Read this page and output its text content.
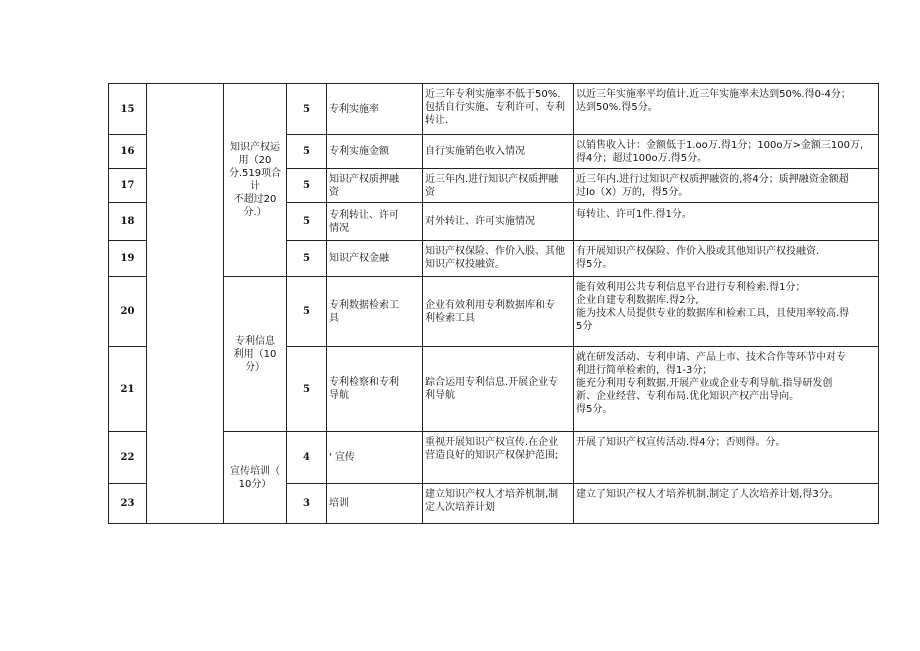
15		知识产权运
用（20
分.519项合计
不超过20
分.）	5	专利实施率	近三年专利实施率不低于50%.
包括自行实施、专利许可、专利
转让.	以近三年实施率平均值计.近三年实施率未达到50%.得0-4分；
达到50%.得5分。
16			5	专利实施金额	自行实施销色收入情况	以销售收入计：金额低于1.oo万.得1分；100o万>金额三100万,
得4分；超过100o万.得5分。
17			5	知识产权质押融
资	近三年内.进行知识产权质押融
资	近三年内.进行过知识产权质押融资的,将4分；质押融资金额超
过Io（X）万的，得5分。
18			5	专利转让、许可
情况	对外转让、许可实施情况	每转让、许可1件.得1分。
19			5	知识产权金融	知识产权保险、作价入股、其他
知识产权投融资。	有开展知识产权保险、作价入股或其他知识产权投融资.
得5分。
20		专利信息
利用（10
分）	5	专利数据检索工
具	企业有效利用专利数据库和专
利检索工具	能有效利用公共专利信息平台进行专利检索.得1分；
企业自建专利数据库.得2分,
能为技术人员提供专业的数据库和检索工具，且使用率较高.得
5分
21			5	专利检察和专利
导航	踪合运用专利信息.开展企业专
利导航	就在研发活动、专利申请、产品上市、技术合作等环节中对专
利进行简单检索的，得1-3分；
能充分利用专利数据.开展产业或企业专利导航.指导研发创
新、企业经营、专利布局.优化知识产权产出导向。
得5分。
22		宣传培训（
10分）	4	' 宣传	重视开展知识产权宣传.在企业
营造良好的知识产权保护范围;	开展了知识产权宣传活动.得4分；否则得。分。
23			3	培训	建立知识产权人才培养机制,制
定人次培养计划	建立了知识产权人才培养机制.制定了人次培养计划,得3分。
